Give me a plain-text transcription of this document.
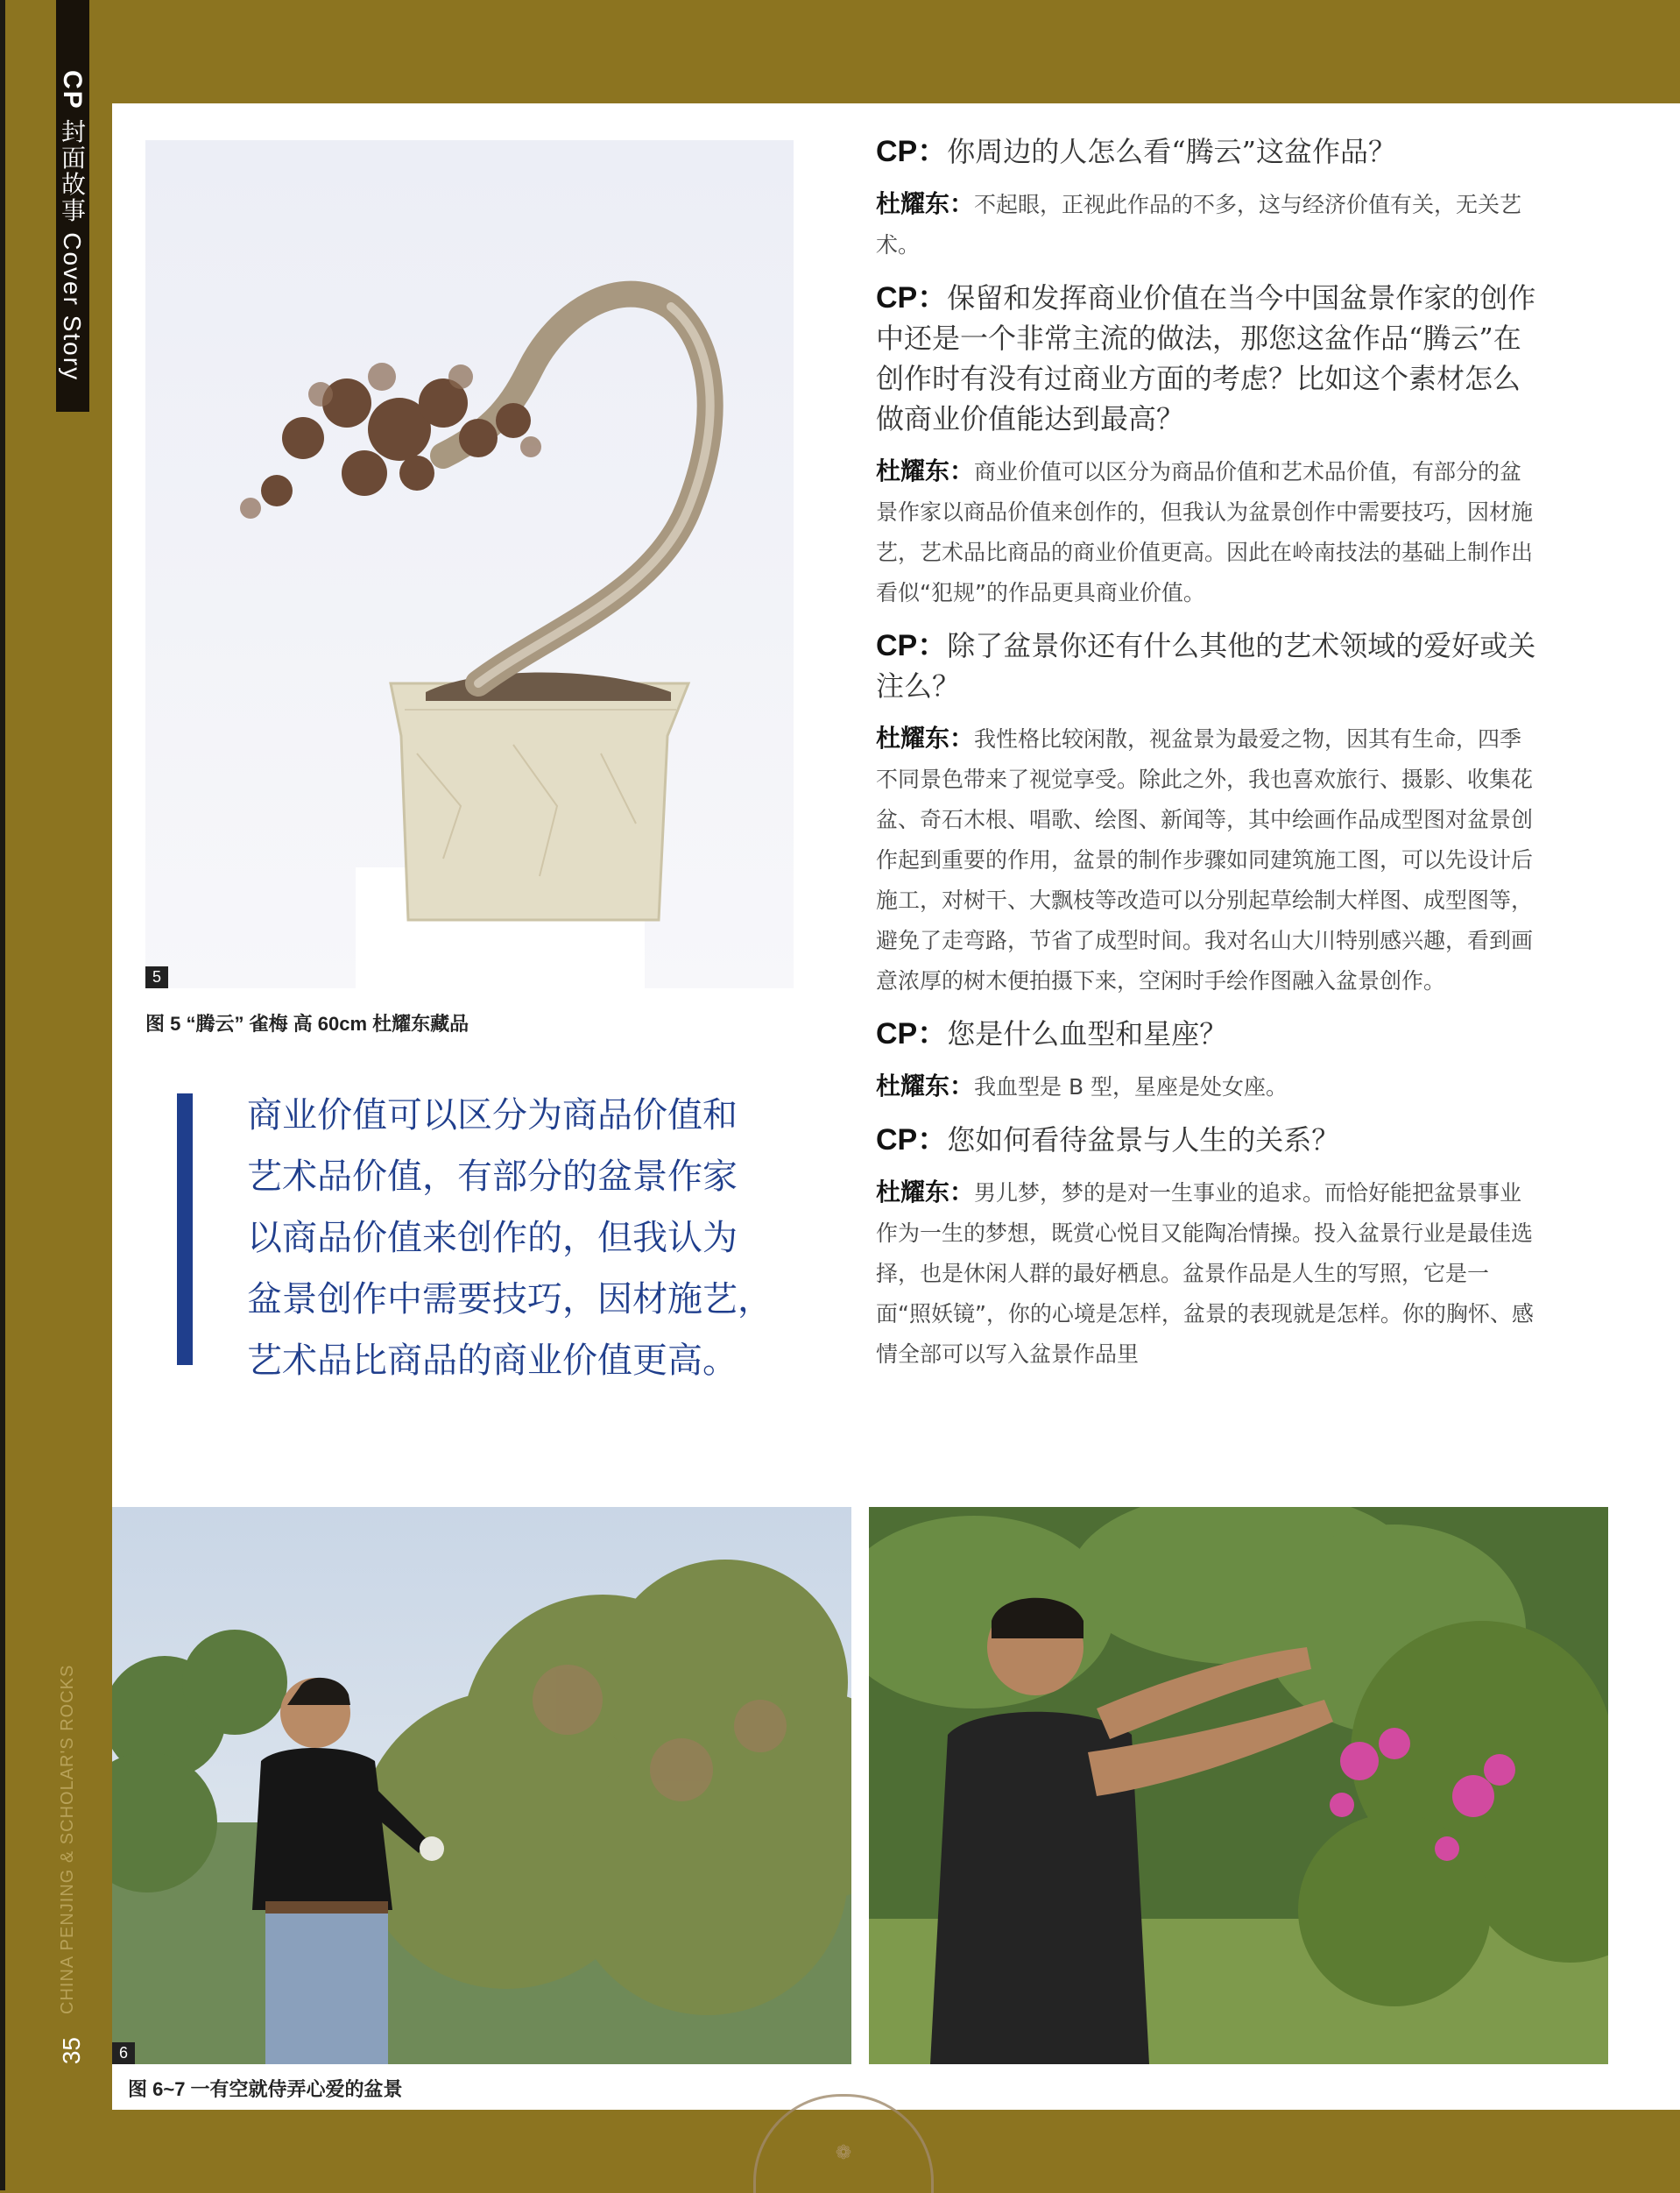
CP 封面故事 Cover Story
CHINA PENJING & SCHOLAR'S ROCKS
35
5
图 5 “腾云” 雀梅 高 60cm 杜耀东藏品
商业价值可以区分为商品价值和
艺术品价值，有部分的盆景作家
以商品价值来创作的，但我认为
盆景创作中需要技巧，因材施艺，
艺术品比商品的商业价值更高。

CP：你周边的人怎么看“腾云”这盆作品？

杜耀东：不起眼，正视此作品的不多，这与经济价值有关，无关艺术。

CP：保留和发挥商业价值在当今中国盆景作家的创作中还是一个非常主流的做法，那您这盆作品“腾云”在创作时有没有过商业方面的考虑？比如这个素材怎么做商业价值能达到最高？

杜耀东：商业价值可以区分为商品价值和艺术品价值，有部分的盆景作家以商品价值来创作的，但我认为盆景创作中需要技巧，因材施艺，艺术品比商品的商业价值更高。因此在岭南技法的基础上制作出看似“犯规”的作品更具商业价值。

CP：除了盆景你还有什么其他的艺术领域的爱好或关注么？

杜耀东：我性格比较闲散，视盆景为最爱之物，因其有生命，四季不同景色带来了视觉享受。除此之外，我也喜欢旅行、摄影、收集花盆、奇石木根、唱歌、绘图、新闻等，其中绘画作品成型图对盆景创作起到重要的作用，盆景的制作步骤如同建筑施工图，可以先设计后施工，对树干、大飘枝等改造可以分别起草绘制大样图、成型图等，避免了走弯路，节省了成型时间。我对名山大川特别感兴趣，看到画意浓厚的树木便拍摄下来，空闲时手绘作图融入盆景创作。

CP：您是什么血型和星座？

杜耀东：我血型是 B 型，星座是处女座。

CP：您如何看待盆景与人生的关系？

杜耀东：男儿梦，梦的是对一生事业的追求。而恰好能把盆景事业作为一生的梦想，既赏心悦目又能陶冶情操。投入盆景行业是最佳选择，也是休闲人群的最好栖息。盆景作品是人生的写照，它是一面“照妖镜”，你的心境是怎样，盆景的表现就是怎样。你的胸怀、感情全部可以写入盆景作品里

6
图 6~7 一有空就侍弄心爱的盆景
❁
